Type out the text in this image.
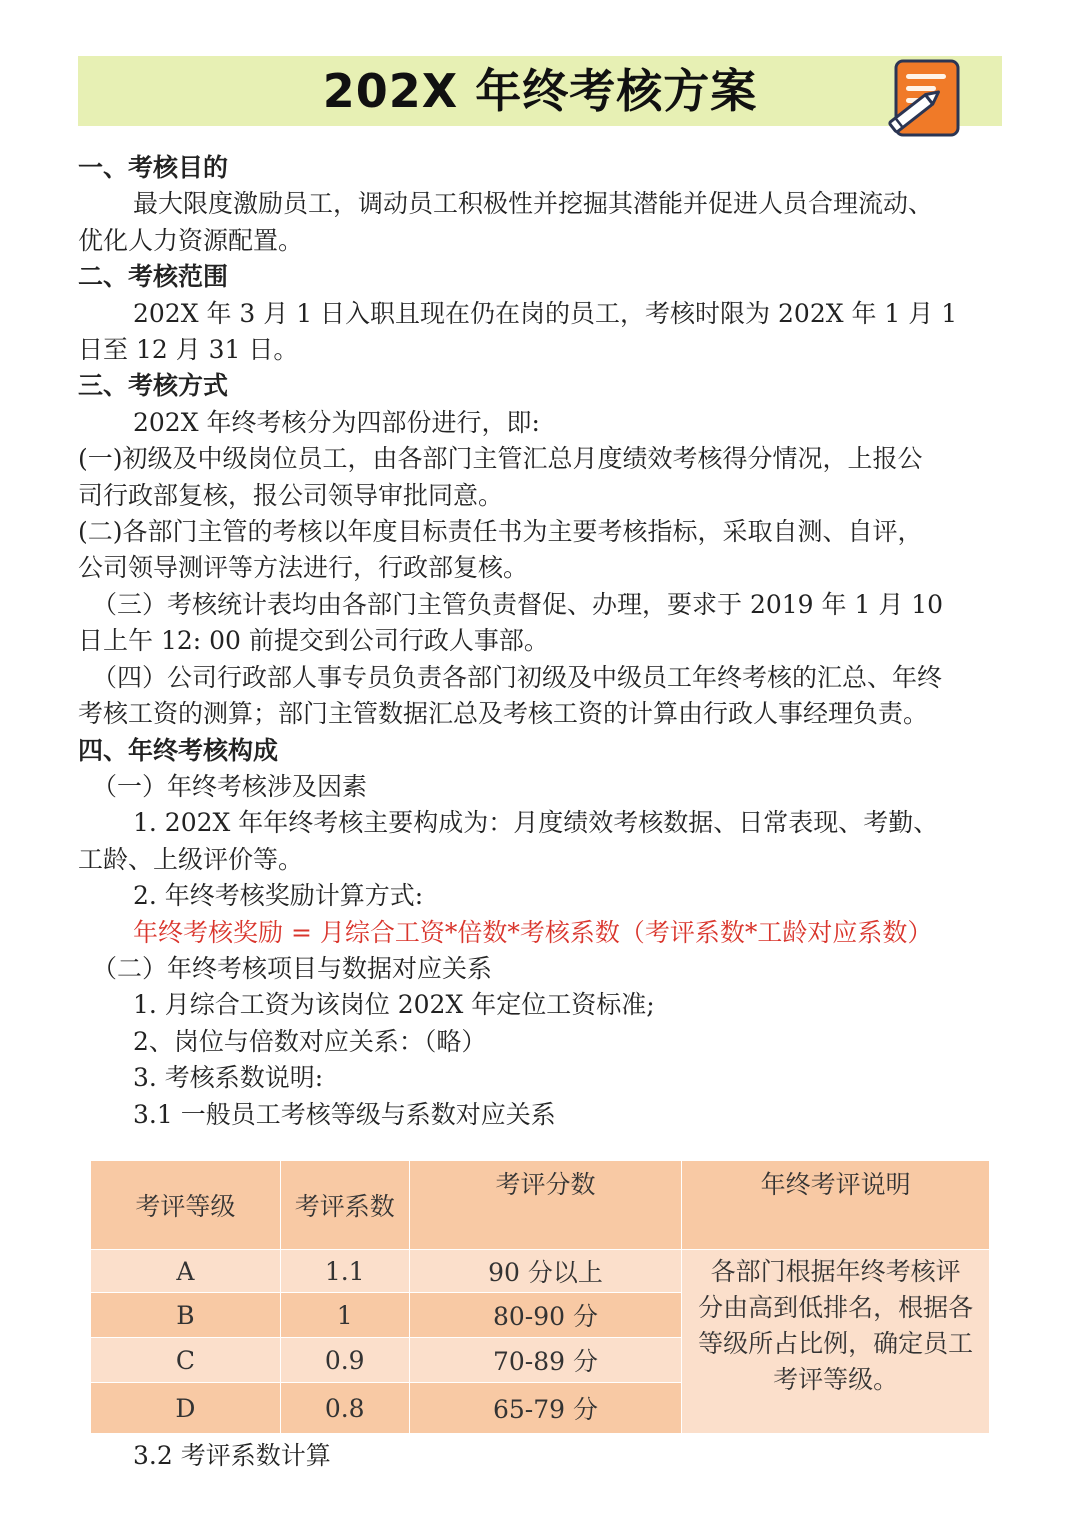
202X 年终考核方案
一、考核目的
最大限度激励员工，调动员工积极性并挖掘其潜能并促进人员合理流动、
优化人力资源配置。
二、考核范围
202X 年 3 月 1 日入职且现在仍在岗的员工，考核时限为 202X 年 1 月 1
日至 12 月 31 日。
三、考核方式
202X 年终考核分为四部份进行，即:
(一)初级及中级岗位员工，由各部门主管汇总月度绩效考核得分情况，上报公
司行政部复核，报公司领导审批同意。
(二)各部门主管的考核以年度目标责任书为主要考核指标，采取自测、自评，
公司领导测评等方法进行，行政部复核。
（三）考核统计表均由各部门主管负责督促、办理，要求于 2019 年 1 月 10
日上午 12: 00 前提交到公司行政人事部。
（四）公司行政部人事专员负责各部门初级及中级员工年终考核的汇总、年终
考核工资的测算；部门主管数据汇总及考核工资的计算由行政人事经理负责。
四、年终考核构成
（一）年终考核涉及因素
1. 202X 年年终考核主要构成为：月度绩效考核数据、日常表现、考勤、
工龄、上级评价等。
2. 年终考核奖励计算方式:
年终考核奖励 = 月综合工资*倍数*考核系数（考评系数*工龄对应系数）
（二）年终考核项目与数据对应关系
1. 月综合工资为该岗位 202X 年定位工资标准;
2、岗位与倍数对应关系：（略）
3. 考核系数说明:
3.1 一般员工考核等级与系数对应关系
考评等级	考评系数	考评分数	年终考评说明
A	1.1	90 分以上	各部门根据年终考核评
分由高到低排名，根据各
等级所占比例，确定员工
考评等级。

B	1	80-90 分	
C	0.9	70-89 分	
D	0.8	65-79 分	
3.2 考评系数计算
